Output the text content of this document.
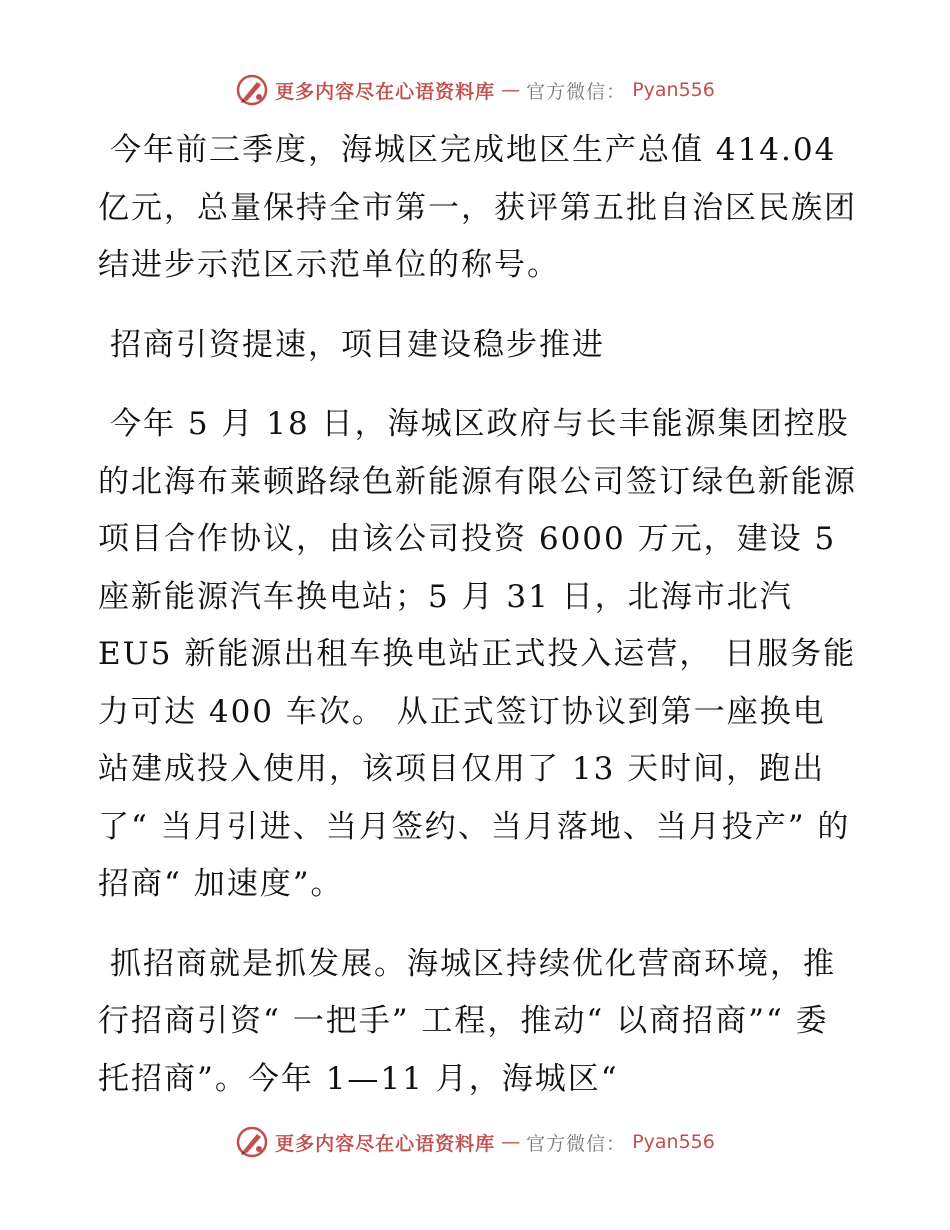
更多内容尽在心语资料库 — 官方微信： Pyan556

今年前三季度，海城区完成地区生产总值 414.04 亿元，总量保持全市第一，获评第五批自治区民族团结进步示范区示范单位的称号。

招商引资提速，项目建设稳步推进

今年 5 月 18 日，海城区政府与长丰能源集团控股的北海布莱顿路绿色新能源有限公司签订绿色新能源项目合作协议，由该公司投资 6000 万元，建设 5 座新能源汽车换电站；5 月 31 日，北海市北汽 EU5 新能源出租车换电站正式投入运营， 日服务能力可达 400 车次。 从正式签订协议到第一座换电站建成投入使用，该项目仅用了 13 天时间，跑出了“ 当月引进、当月签约、当月落地、当月投产” 的招商“ 加速度”。

抓招商就是抓发展。海城区持续优化营商环境，推行招商引资“ 一把手” 工程，推动“ 以商招商”“ 委托招商”。今年 1—11 月，海城区“

更多内容尽在心语资料库 — 官方微信： Pyan556
